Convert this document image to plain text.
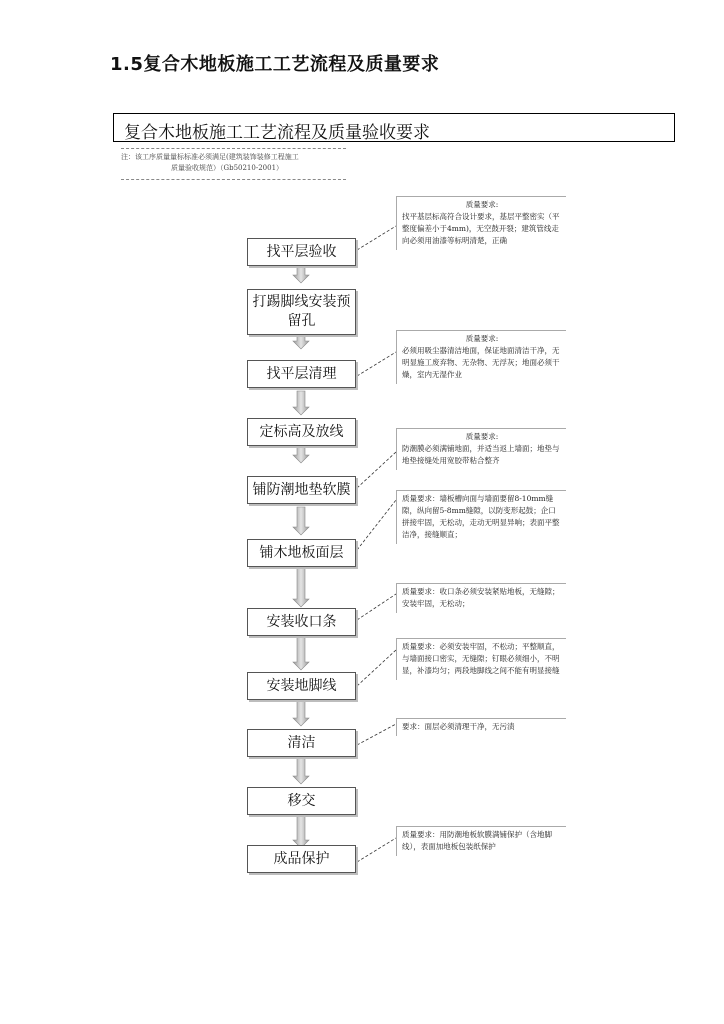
1.5复合木地板施工工艺流程及质量要求
复合木地板施工工艺流程及质量验收要求
注：该工序质量量标标准必须满足(建筑装饰装修工程施工
质量验收规范）（Gb50210-2001）
找平层验收
打踢脚线安装预留孔
找平层清理
定标高及放线
铺防潮地垫软膜
铺木地板面层
安装收口条
安装地脚线
清洁
移交
成品保护
质量要求:
找平基层标高符合设计要求，基层平整密实（平整度偏差小于4mm)，无空鼓开裂；建筑管线走向必须用油漆等标明清楚，正确
质量要求:
必须用吸尘器清洁地面，保证地面清洁干净，无明显施工废弃物、无杂物、无浮灰；地面必须干燥，室内无湿作业
质量要求:
防潮膜必须满铺地面，并适当返上墙面；地垫与地垫接缝处用宽胶带粘合整齐
质量要求：墙板槽向面与墙面要留8-10mm缝隙，纵向留5-8mm缝隙，以防变形起鼓；企口拼接牢固，无松动，走动无明显异响；表面平整洁净，接缝顺直；
质量要求：收口条必须安装紧贴地板，无缝隙；安装牢固，无松动；
质量要求：必须安装牢固，不松动；平整顺直，与墙面接口密实，无缝隙；钉眼必须细小，不明显，补漆均匀；两段地脚线之间不能有明显接缝
要求：面层必须清理干净，无污渍
质量要求：用防潮地板软膜满铺保护（含地脚线），表面加地板包装纸保护
